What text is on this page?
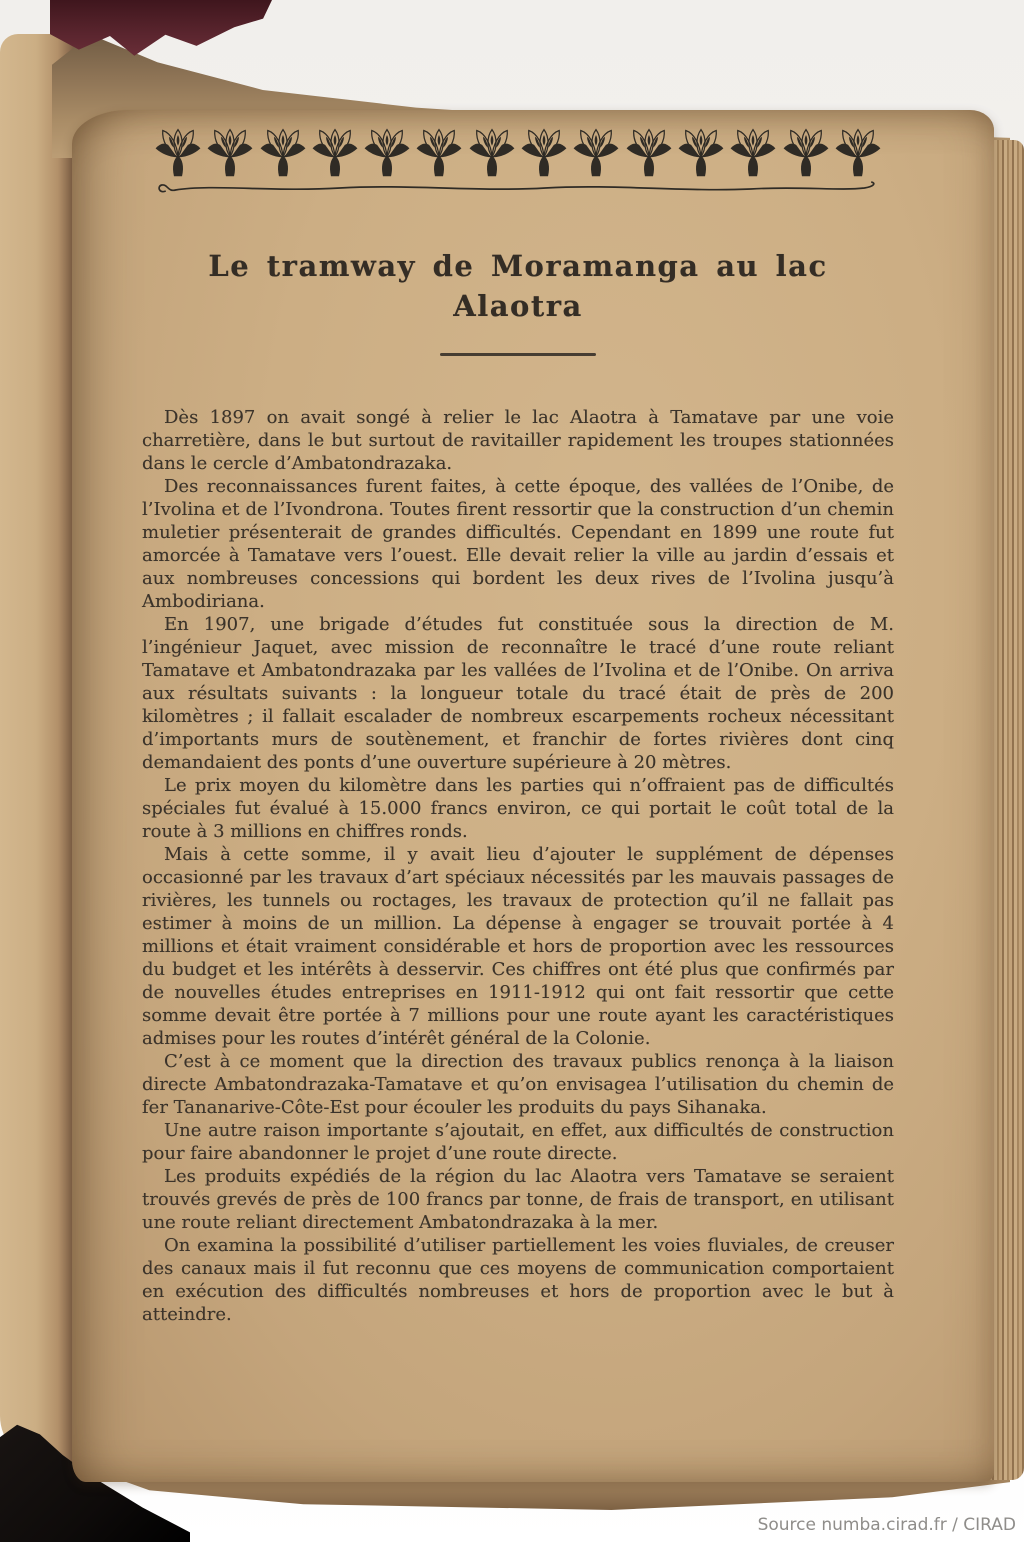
Le tramway de Moramanga au lac Alaotra

Dès 1897 on avait songé à relier le lac Alaotra à Tamatave par une voie charretière, dans le but surtout de ravitailler rapidement les troupes stationnées dans le cercle d’Ambatondrazaka.

Des reconnaissances furent faites, à cette époque, des vallées de l’Onibe, de l’Ivolina et de l’Ivondrona. Toutes firent ressortir que la construction d’un chemin muletier présenterait de grandes difficultés. Cependant en 1899 une route fut amorcée à Tamatave vers l’ouest. Elle devait relier la ville au jardin d’essais et aux nombreuses concessions qui bordent les deux rives de l’Ivolina jusqu’à Ambodiriana.

En 1907, une brigade d’études fut constituée sous la direction de M. l’ingénieur Jaquet, avec mission de reconnaître le tracé d’une route reliant Tamatave et Ambatondrazaka par les vallées de l’Ivolina et de l’Onibe. On arriva aux résultats suivants : la longueur totale du tracé était de près de 200 kilomètres ; il fallait escalader de nombreux escarpements rocheux nécessitant d’importants murs de soutènement, et franchir de fortes rivières dont cinq demandaient des ponts d’une ouverture supérieure à 20 mètres.

Le prix moyen du kilomètre dans les parties qui n’offraient pas de difficultés spéciales fut évalué à 15.000 francs environ, ce qui portait le coût total de la route à 3 millions en chiffres ronds.

Mais à cette somme, il y avait lieu d’ajouter le supplément de dépenses occasionné par les travaux d’art spéciaux nécessités par les mauvais passages de rivières, les tunnels ou roctages, les travaux de protection qu’il ne fallait pas estimer à moins de un million. La dépense à engager se trouvait portée à 4 millions et était vraiment considérable et hors de proportion avec les ressources du budget et les intérêts à desservir. Ces chiffres ont été plus que confirmés par de nouvelles études entreprises en 1911-1912 qui ont fait ressortir que cette somme devait être portée à 7 millions pour une route ayant les caractéristiques admises pour les routes d’intérêt général de la Colonie.

C’est à ce moment que la direction des travaux publics renonça à la liaison directe Ambatondrazaka-Tamatave et qu’on envisagea l’utilisation du chemin de fer Tananarive-Côte-Est pour écouler les produits du pays Sihanaka.

Une autre raison importante s’ajoutait, en effet, aux difficultés de construction pour faire abandonner le projet d’une route directe.

Les produits expédiés de la région du lac Alaotra vers Tamatave se seraient trouvés grevés de près de 100 francs par tonne, de frais de transport, en utilisant une route reliant directement Ambatondrazaka à la mer.

On examina la possibilité d’utiliser partiellement les voies fluviales, de creuser des canaux mais il fut reconnu que ces moyens de communication comportaient en exécution des difficultés nombreuses et hors de proportion avec le but à atteindre.

Source numba.cirad.fr / CIRAD
